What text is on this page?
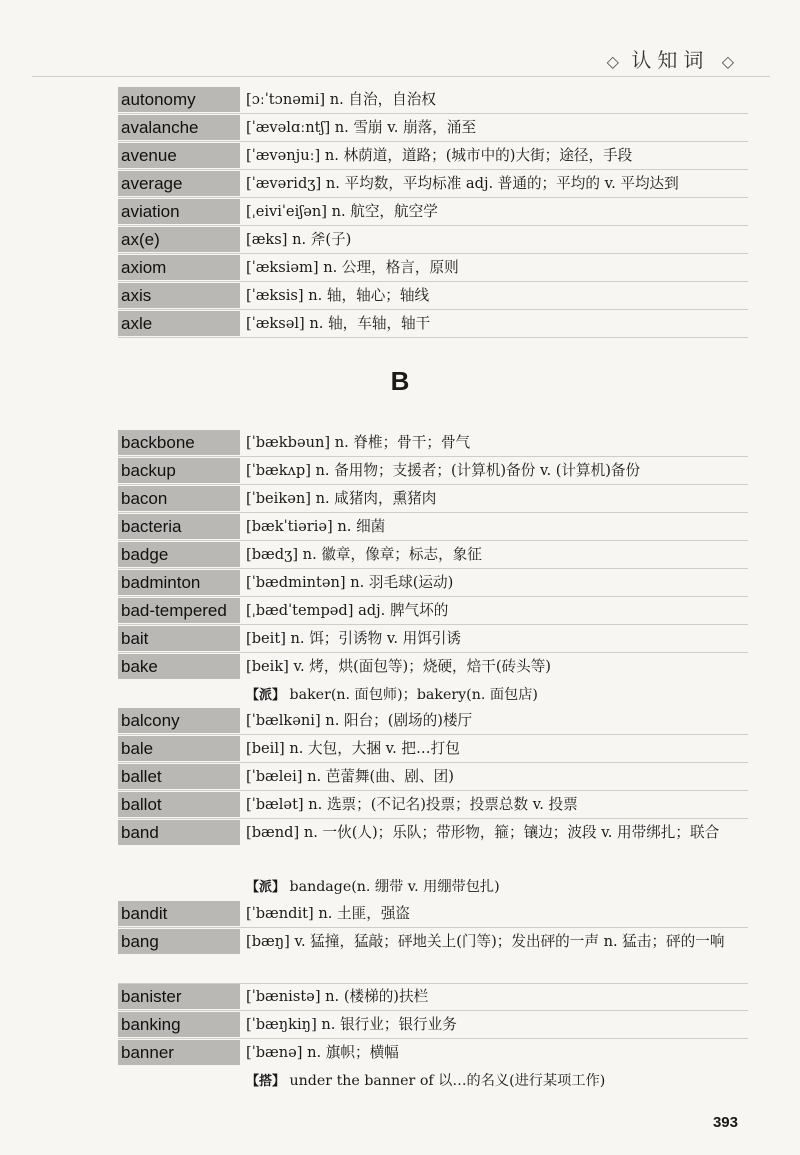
◇ 认知词 ◇
autonomy	[ɔːˈtɔnəmi] n. 自治，自治权
avalanche	[ˈævəlɑːntʃ] n. 雪崩 v. 崩落，涌至
avenue	[ˈævənjuː] n. 林荫道，道路；(城市中的)大街；途径，手段
average	[ˈævəridʒ] n. 平均数，平均标准 adj. 普通的；平均的 v. 平均达到
aviation	[ˌeiviˈeiʃən] n. 航空，航空学
ax(e)	[æks] n. 斧(子)
axiom	[ˈæksiəm] n. 公理，格言，原则
axis	[ˈæksis] n. 轴，轴心；轴线
axle	[ˈæksəl] n. 轴，车轴，轴干
B
backbone	[ˈbækbəun] n. 脊椎；骨干；骨气
backup	[ˈbækʌp] n. 备用物；支援者；(计算机)备份 v. (计算机)备份
bacon	[ˈbeikən] n. 咸猪肉，熏猪肉
bacteria	[bækˈtiəriə] n. 细菌
badge	[bædʒ] n. 徽章，像章；标志，象征
badminton	[ˈbædmintən] n. 羽毛球(运动)
bad-tempered	[ˌbædˈtempəd] adj. 脾气坏的
bait	[beit] n. 饵；引诱物 v. 用饵引诱
bake	[beik] v. 烤，烘(面包等)；烧硬，焙干(砖头等)
【派】 baker(n. 面包师)；bakery(n. 面包店)
balcony	[ˈbælkəni] n. 阳台；(剧场的)楼厅
bale	[beil] n. 大包，大捆 v. 把…打包
ballet	[ˈbælei] n. 芭蕾舞(曲、剧、团)
ballot	[ˈbælət] n. 选票；(不记名)投票；投票总数 v. 投票
band	[bænd] n. 一伙(人)；乐队；带形物，箍；镶边；波段 v. 用带绑扎；联合
【派】 bandage(n. 绷带 v. 用绷带包扎)
bandit	[ˈbændit] n. 土匪，强盗
bang	[bæŋ] v. 猛撞，猛敲；砰地关上(门等)；发出砰的一声 n. 猛击；砰的一响
banister	[ˈbænistə] n. (楼梯的)扶栏
banking	[ˈbæŋkiŋ] n. 银行业；银行业务
banner	[ˈbænə] n. 旗帜；横幅
【搭】 under the banner of 以…的名义(进行某项工作)
393
